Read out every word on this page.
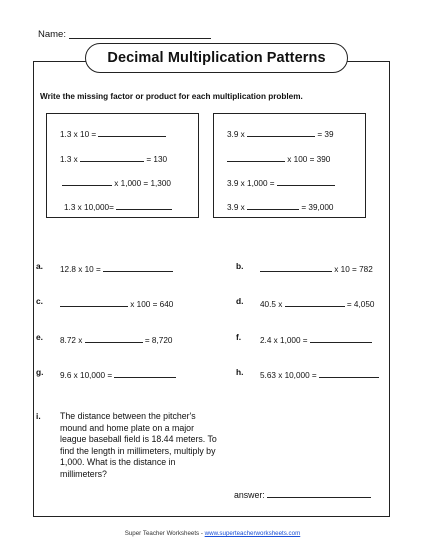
Name:
Decimal Multiplication Patterns
Write the missing factor or product for each multiplication problem.
1.3 x 10 =
1.3 x	= 130
x 1,000 = 1,300
1.3 x 10,000=
3.9 x	= 39
x 100 = 390
3.9 x 1,000 =
3.9 x	= 39,000
a. 12.8 x 10 =	b.	x 10 = 782
c.	x 100 = 640	d. 40.5 x	= 4,050
e. 8.72 x	= 8,720	f. 2.4 x 1,000 =
g. 9.6 x 10,000 =	h. 5.63 x 10,000 =
i. The distance between the pitcher's mound and home plate on a major league baseball field is 18.44 meters. To find the length in millimeters, multiply by 1,000. What is the distance in millimeters?
answer:
Super Teacher Worksheets - www.superteacherworksheets.com
